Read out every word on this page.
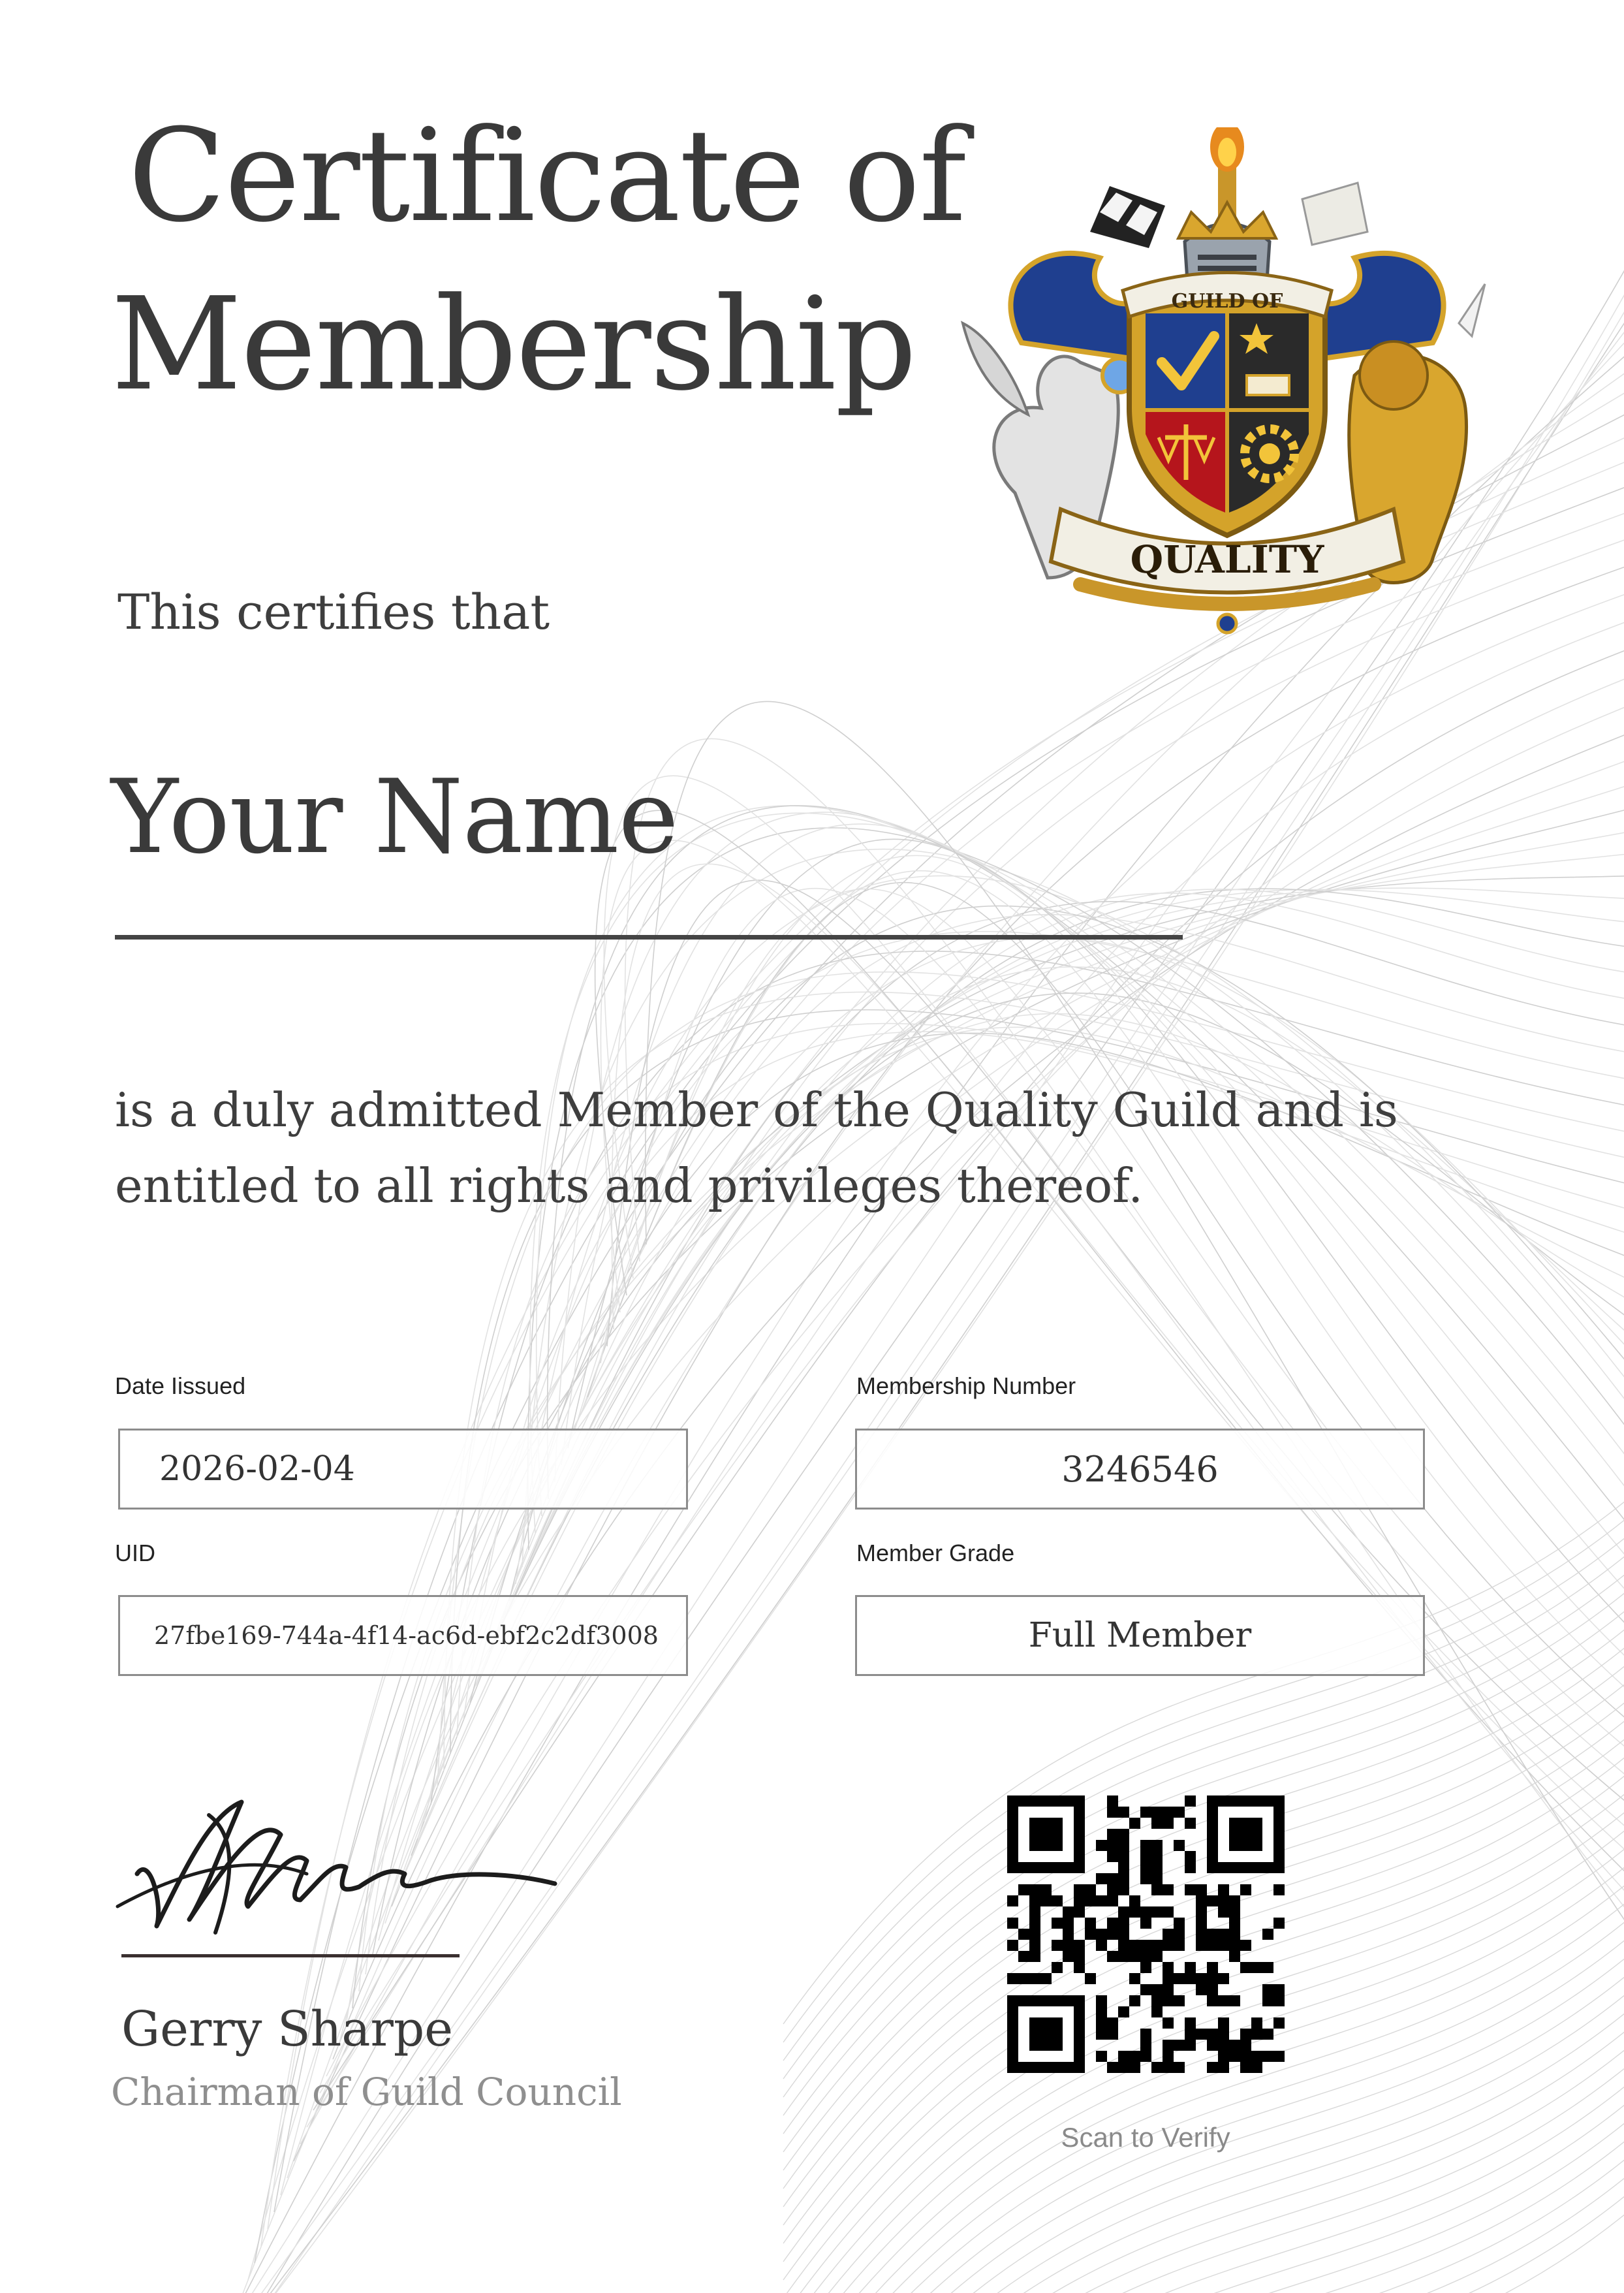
Certificate of
Membership	GUILD OF
QUALITY
This certifies that
Your Name

is a duly admitted Member of the Quality Guild and is entitled to all rights and privileges thereof.

Date Iissued
2026-02-04
Membership Number
3246546
UID
27fbe169-744a-4f14-ac6d-ebf2c2df3008
Member Grade
Full Member
Gerry Sharpe
Chairman of Guild Council
Scan to Verify
